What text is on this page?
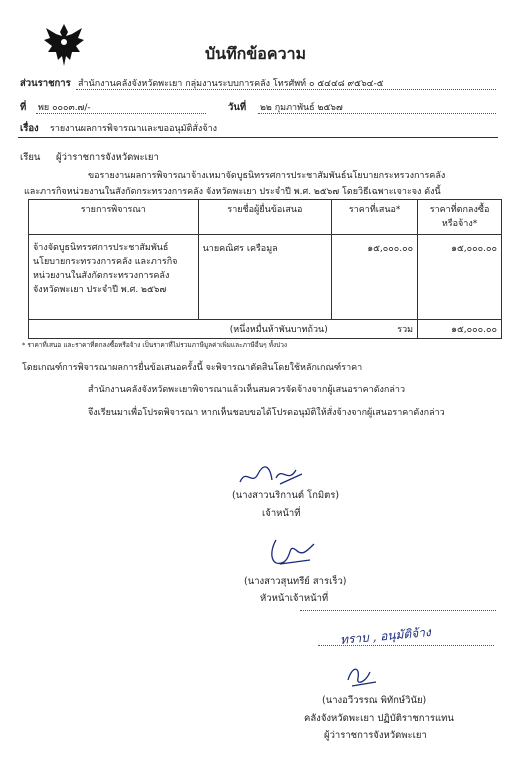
บันทึกข้อความ
ส่วนราชการ สำนักงานคลังจังหวัดพะเยา กลุ่มงานระบบการคลัง โทรศัพท์ ๐ ๕๔๔๘ ๙๕๖๔-๕
ที่ พย ๐๐๐๓.๗/-	วันที่ ๒๒ กุมภาพันธ์ ๒๕๖๗
เรื่อง รายงานผลการพิจารณาและขออนุมัติสั่งจ้าง
เรียน ผู้ว่าราชการจังหวัดพะเยา
ขอรายงานผลการพิจารณาจ้างเหมาจัดบูธนิทรรศการประชาสัมพันธ์นโยบายกระทรวงการคลัง
และภารกิจหน่วยงานในสังกัดกระทรวงการคลัง จังหวัดพะเยา ประจำปี พ.ศ. ๒๕๖๗ โดยวิธีเฉพาะเจาะจง ดังนี้
รายการพิจารณา	รายชื่อผู้ยื่นข้อเสนอ	ราคาที่เสนอ*	ราคาที่ตกลงซื้อหรือจ้าง*

จ้างจัดบูธนิทรรศการประชาสัมพันธ์
นโยบายกระทรวงการคลัง และภารกิจ
หน่วยงานในสังกัดกระทรวงการคลัง
จังหวัดพะเยา ประจำปี พ.ศ. ๒๕๖๗	นายคณิศร เครือมูล	๑๕,๐๐๐.๐๐	๑๕,๐๐๐.๐๐
(หนึ่งหมื่นห้าพันบาทถ้วน)		รวม	๑๕,๐๐๐.๐๐
* ราคาที่เสนอ และราคาที่ตกลงซื้อหรือจ้าง เป็นราคาที่ไม่รวมภาษีมูลค่าเพิ่มและภาษีอื่นๆ ทั้งปวง
โดยเกณฑ์การพิจารณาผลการยื่นข้อเสนอครั้งนี้ จะพิจารณาตัดสินโดยใช้หลักเกณฑ์ราคา
สำนักงานคลังจังหวัดพะเยาพิจารณาแล้วเห็นสมควรจัดจ้างจากผู้เสนอราคาดังกล่าว
จึงเรียนมาเพื่อโปรดพิจารณา หากเห็นชอบขอได้โปรดอนุมัติให้สั่งจ้างจากผู้เสนอราคาดังกล่าว
(นางสาวนริกานต์ โกมิตร)
เจ้าหน้าที่
(นางสาวสุนทรีย์ สารเร็ว)
หัวหน้าเจ้าหน้าที่
ทราบ , อนุมัติจ้าง
(นางอวีวรรณ พิทักษ์วินัย)
คลังจังหวัดพะเยา ปฏิบัติราชการแทน
ผู้ว่าราชการจังหวัดพะเยา
